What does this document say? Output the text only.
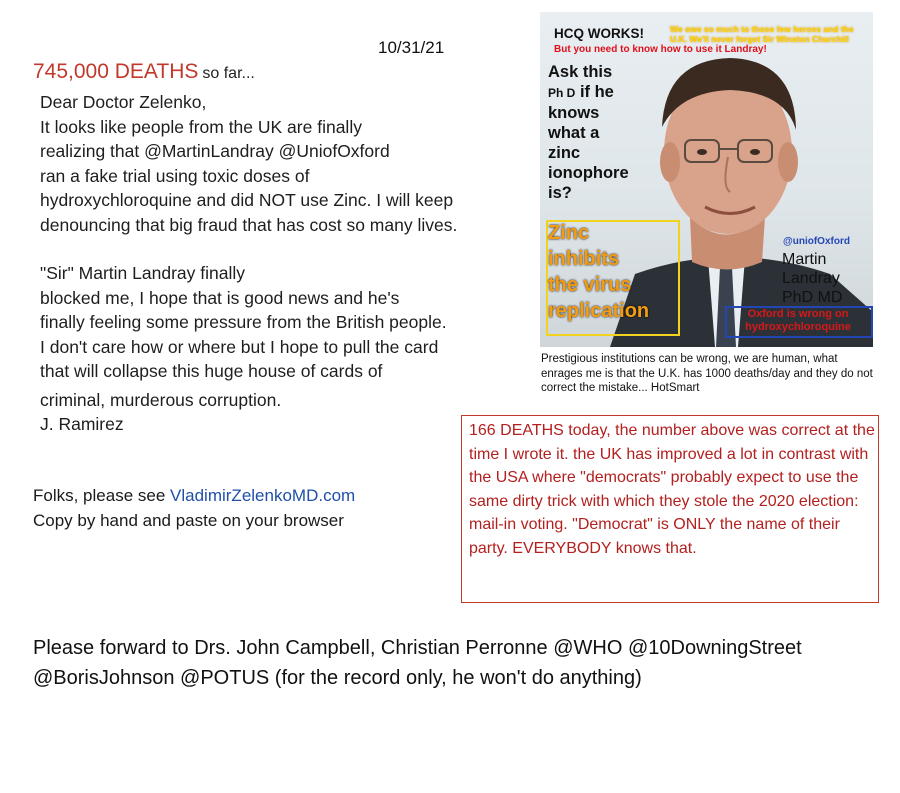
10/31/21
745,000 DEATHS so far...

Dear Doctor Zelenko,

It looks like people from the UK are finally

realizing that @MartinLandray @UniofOxford

ran a fake trial using toxic doses of

hydroxychloroquine and did NOT use Zinc. I will keep

denouncing that big fraud that has cost so many lives.

"Sir" Martin Landray finally

blocked me, I hope that is good news and he's

finally feeling some pressure from the British people.

I don't care how or where but I hope to pull the card

that will collapse this huge house of cards of

criminal, murderous corruption.

J. Ramirez

Folks, please see VladimirZelenkoMD.com
Copy by hand and paste on your browser
HCQ WORKS!	We owe so much to those few heroes and the U.K. We'll never forget Sir Winston Churchill
But you need to know how to use it Landray!
Ask this
Ph D if he
knows
what a
zinc
ionophore
is?
Zinc
inhibits
the virus
replication
@uniofOxford
Martin
Landray
PhD MD
Oxford is wrong on hydroxychloroquine
Prestigious institutions can be wrong, we are human, what enrages me is that the U.K. has 1000 deaths/day and they do not correct the mistake... HotSmart
166 DEATHS today, the number above was correct at the time I wrote it. the UK has improved a lot in contrast with the USA where "democrats" probably expect to use the same dirty trick with which they stole the 2020 election: mail-in voting. "Democrat" is ONLY the name of their party. EVERYBODY knows that.
Please forward to Drs. John Campbell, Christian Perronne @WHO @10DowningStreet @BorisJohnson @POTUS (for the record only, he won't do anything)
